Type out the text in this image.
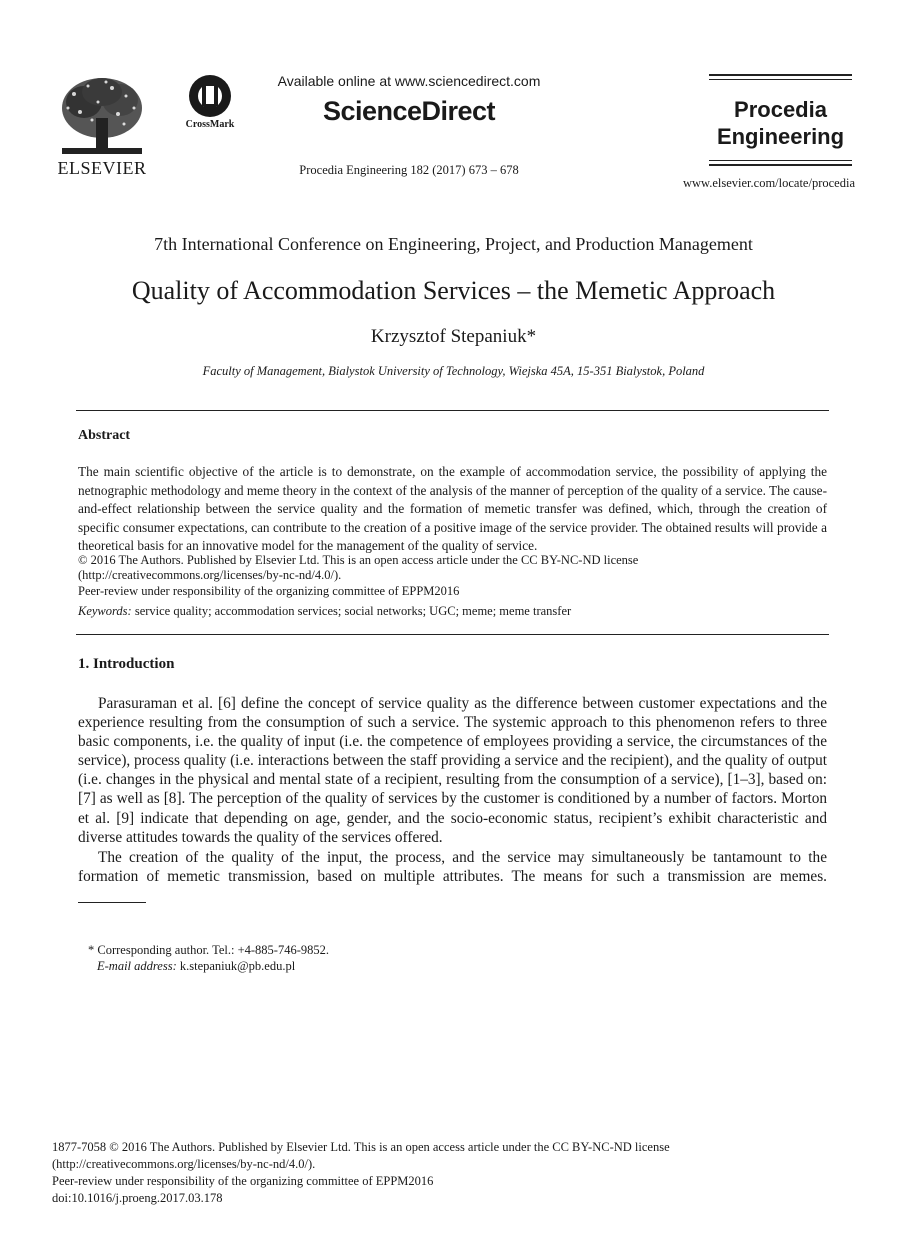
ELSEVIER
CrossMark
Available online at www.sciencedirect.com
ScienceDirect
Procedia Engineering 182 (2017) 673 – 678
Procedia
Engineering
www.elsevier.com/locate/procedia
7th International Conference on Engineering, Project, and Production Management
Quality of Accommodation Services – the Memetic Approach
Krzysztof Stepaniuk*
Faculty of Management, Bialystok University of Technology, Wiejska 45A, 15-351 Bialystok, Poland
Abstract
The main scientific objective of the article is to demonstrate, on the example of accommodation service, the possibility of applying the netnographic methodology and meme theory in the context of the analysis of the manner of perception of the quality of a service. The cause-and-effect relationship between the service quality and the formation of memetic transfer was defined, which, through the creation of specific consumer expectations, can contribute to the creation of a positive image of the service provider. The obtained results will provide a theoretical basis for an innovative model for the management of the quality of service.
© 2016 The Authors. Published by Elsevier Ltd. This is an open access article under the CC BY-NC-ND license
(http://creativecommons.org/licenses/by-nc-nd/4.0/).
Peer-review under responsibility of the organizing committee of EPPM2016
Keywords: service quality; accommodation services; social networks; UGC; meme; meme transfer
1. Introduction

Parasuraman et al. [6] define the concept of service quality as the difference between customer expectations and the experience resulting from the consumption of such a service. The systemic approach to this phenomenon refers to three basic components, i.e. the quality of input (i.e. the competence of employees providing a service, the circumstances of the service), process quality (i.e. interactions between the staff providing a service and the recipient), and the quality of output (i.e. changes in the physical and mental state of a recipient, resulting from the consumption of a service), [1–3], based on: [7] as well as [8]. The perception of the quality of services by the customer is conditioned by a number of factors. Morton et al. [9] indicate that depending on age, gender, and the socio-economic status, recipient’s exhibit characteristic and diverse attitudes towards the quality of the services offered.

The creation of the quality of the input, the process, and the service may simultaneously be tantamount to the formation of memetic transmission, based on multiple attributes. The means for such a transmission are memes.

* Corresponding author. Tel.: +4-885-746-9852.
E-mail address: k.stepaniuk@pb.edu.pl
1877-7058 © 2016 The Authors. Published by Elsevier Ltd. This is an open access article under the CC BY-NC-ND license
(http://creativecommons.org/licenses/by-nc-nd/4.0/).
Peer-review under responsibility of the organizing committee of EPPM2016
doi:10.1016/j.proeng.2017.03.178
